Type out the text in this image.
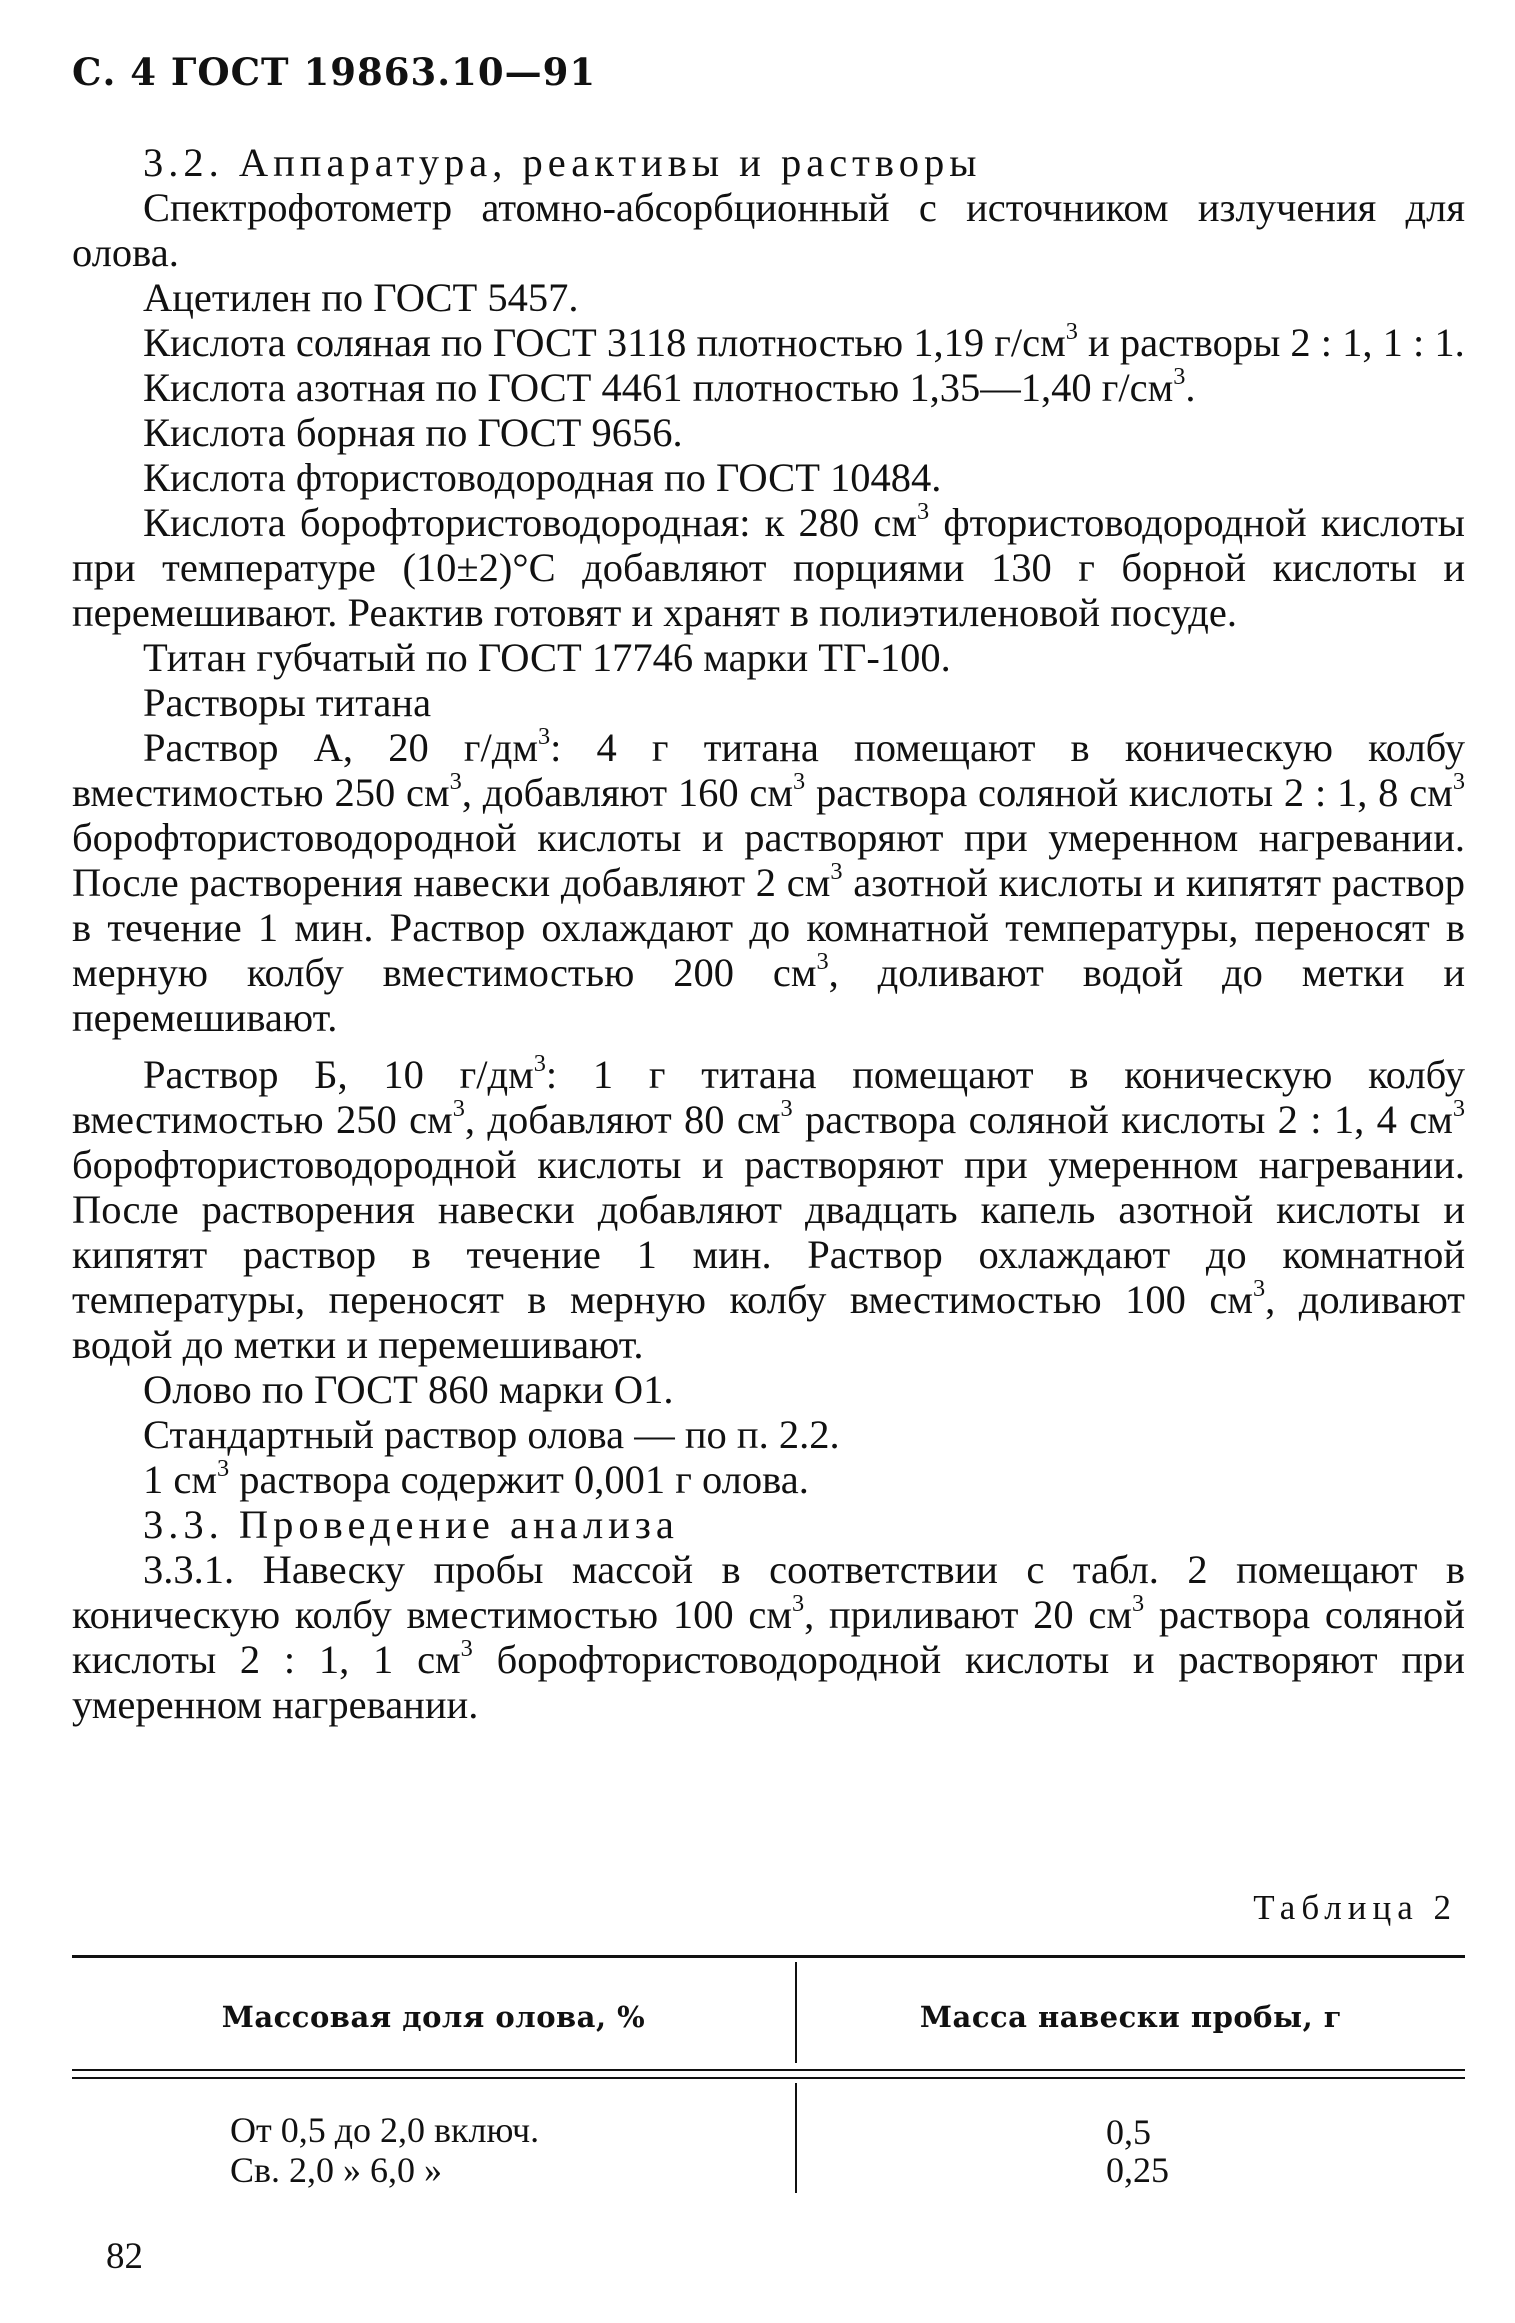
С. 4 ГОСТ 19863.10—91

3.2. Аппаратура, реактивы и растворы

Спектрофотометр атомно-абсорбционный с источником излучения для олова.

Ацетилен по ГОСТ 5457.

Кислота соляная по ГОСТ 3118 плотностью 1,19 $г/см^3$ и растворы 2 : 1, 1 : 1.

Кислота азотная по ГОСТ 4461 плотностью 1,35—1,40 $г/см^3$.

Кислота борная по ГОСТ 9656.

Кислота фтористоводородная по ГОСТ 10484.

Кислота борофтористоводородная: к 280 $см^3$ фтористоводородной кислоты при температуре (10±2)°С добавляют порциями 130 г борной кислоты и перемешивают. Реактив готовят и хранят в полиэтиленовой посуде.

Титан губчатый по ГОСТ 17746 марки ТГ-100.

Растворы титана

Раствор А, 20 $г/дм^3$: 4 г титана помещают в коническую колбу вместимостью 250 $см^3$, добавляют 160 $см^3$ раствора соляной кислоты 2 : 1, 8 $см^3$ борофтористоводородной кислоты и растворяют при умеренном нагревании. После растворения навески добавляют 2 $см^3$ азотной кислоты и кипятят раствор в течение 1 мин. Раствор охлаждают до комнатной температуры, переносят в мерную колбу вместимостью 200 $см^3$, доливают водой до метки и перемешивают.

Раствор Б, 10 $г/дм^3$: 1 г титана помещают в коническую колбу вместимостью 250 $см^3$, добавляют 80 $см^3$ раствора соляной кислоты 2 : 1, 4 $см^3$ борофтористоводородной кислоты и растворяют при умеренном нагревании. После растворения навески добавляют двадцать капель азотной кислоты и кипятят раствор в течение 1 мин. Раствор охлаждают до комнатной температуры, переносят в мерную колбу вместимостью 100 $см^3$, доливают водой до метки и перемешивают.

Олово по ГОСТ 860 марки О1.

Стандартный раствор олова — по п. 2.2.

1 $см^3$ раствора содержит 0,001 г олова.

3.3. Проведение анализа

3.3.1. Навеску пробы массой в соответствии с табл. 2 помещают в коническую колбу вместимостью 100 $см^3$, приливают 20 $см^3$ раствора соляной кислоты 2 : 1, 1 $см^3$ борофтористоводородной кислоты и растворяют при умеренном нагревании.

Таблица 2
Массовая доля олова, %	Масса навески пробы, г
От 0,5 до 2,0 включ.
Св. 2,0 » 6,0 »
0,5
0,25
82
